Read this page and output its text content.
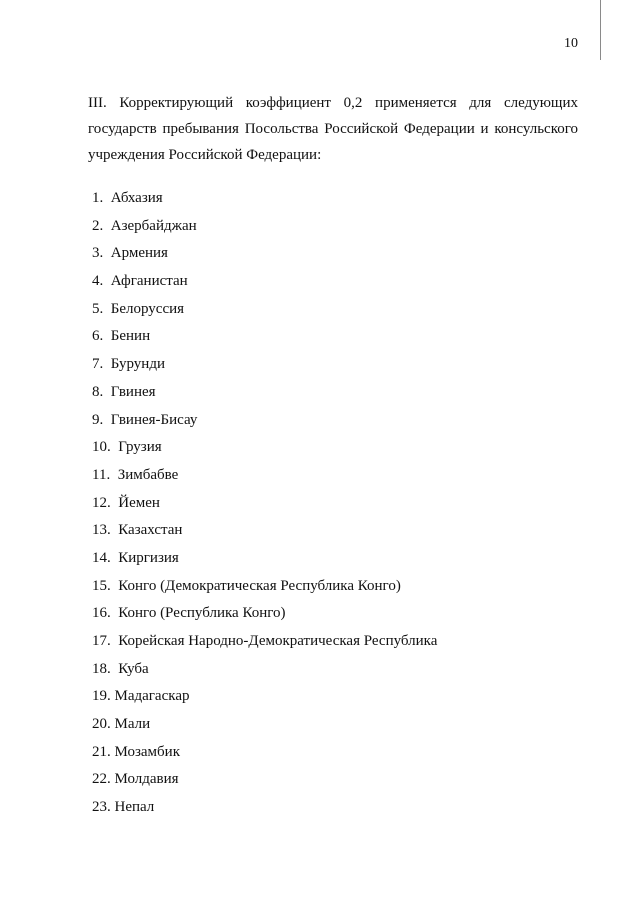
10

III. Корректирующий коэффициент 0,2 применяется для следующих государств пребывания Посольства Российской Федерации и консульского учреждения Российской Федерации:

1. Абхазия
2. Азербайджан
3. Армения
4. Афганистан
5. Белоруссия
6. Бенин
7. Бурунди
8. Гвинея
9. Гвинея-Бисау
10. Грузия
11. Зимбабве
12. Йемен
13. Казахстан
14. Киргизия
15. Конго (Демократическая Республика Конго)
16. Конго (Республика Конго)
17. Корейская Народно-Демократическая Республика
18. Куба
19. Мадагаскар
20. Мали
21. Мозамбик
22. Молдавия
23. Непал
